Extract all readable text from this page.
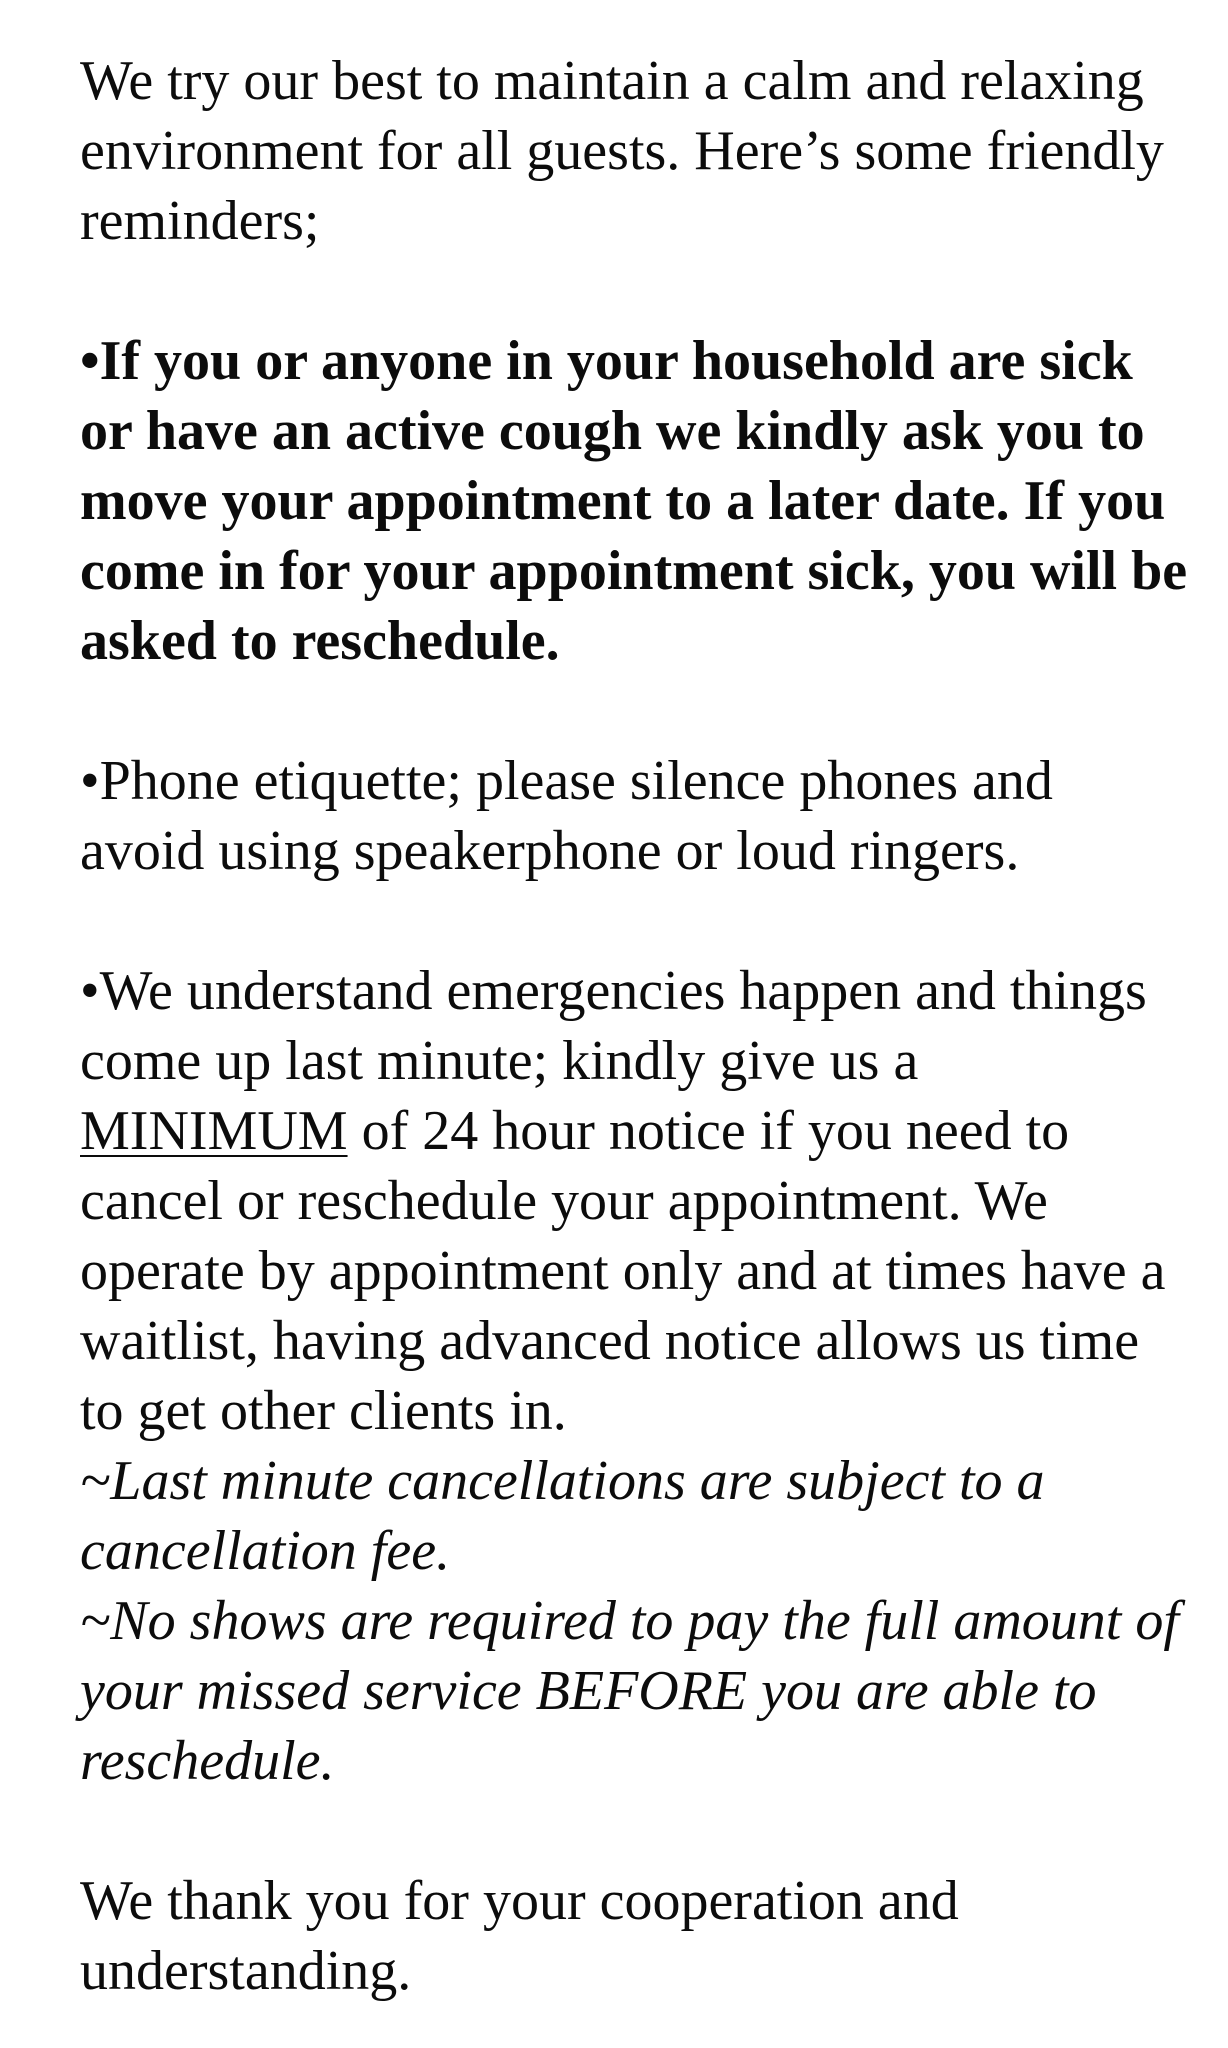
We try our best to maintain a calm and relaxing environment for all guests. Here’s some friendly reminders;

•If you or anyone in your household are sick or have an active cough we kindly ask you to move your appointment to a later date. If you come in for your appointment sick, you will be asked to reschedule.

•Phone etiquette; please silence phones and avoid using speakerphone or loud ringers.

•We understand emergencies happen and things come up last minute; kindly give us a MINIMUM of 24 hour notice if you need to cancel or reschedule your appointment. We operate by appointment only and at times have a waitlist, having advanced notice allows us time to get other clients in.

~Last minute cancellations are subject to a cancellation fee.

~No shows are required to pay the full amount of your missed service BEFORE you are able to reschedule.

We thank you for your cooperation and understanding.
